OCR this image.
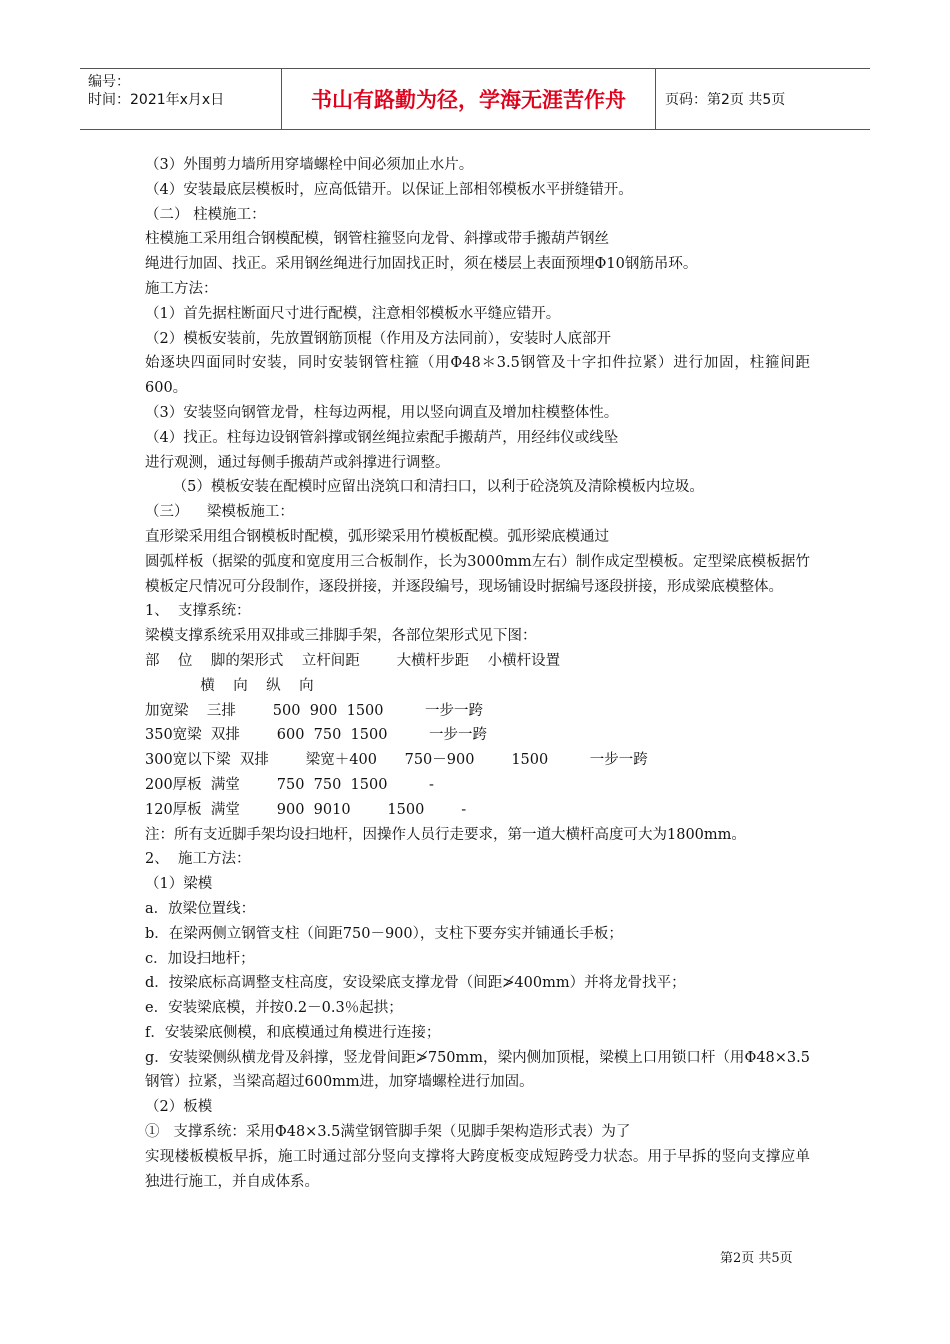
编号：
时间：2021年x月x日	书山有路勤为径，学海无涯苦作舟	页码：第2页 共5页
（3）外围剪力墙所用穿墙螺栓中间必须加止水片。
（4）安装最底层模板时，应高低错开。以保证上部相邻模板水平拼缝错开。
（二） 柱模施工：
柱模施工采用组合钢模配模，钢管柱箍竖向龙骨、斜撑或带手搬葫芦钢丝
绳进行加固、找正。采用钢丝绳进行加固找正时，须在楼层上表面预埋Φ10钢筋吊环。
施工方法：
（1）首先据柱断面尺寸进行配模，注意相邻模板水平缝应错开。
（2）模板安装前，先放置钢筋顶棍（作用及方法同前），安装时人底部开
始逐块四面同时安装，同时安装钢管柱箍（用Φ48＊3.5钢管及十字扣件拉紧）进行加固，柱箍间距600。
（3）安装竖向钢管龙骨，柱每边两棍，用以竖向调直及增加柱模整体性。
（4）找正。柱每边设钢管斜撑或钢丝绳拉索配手搬葫芦，用经纬仪或线坠
进行观测，通过每侧手搬葫芦或斜撑进行调整。
（5）模板安装在配模时应留出浇筑口和清扫口，以利于砼浇筑及清除模板内垃圾。
（三）    梁模板施工：
直形梁采用组合钢模板时配模，弧形梁采用竹模板配模。弧形梁底模通过
圆弧样板（据梁的弧度和宽度用三合板制作，长为3000mm左右）制作成定型模板。定型梁底模板据竹模板定尺情况可分段制作，逐段拼接，并逐段编号，现场铺设时据编号逐段拼接，形成梁底模整体。
1、  支撑系统：
梁模支撑系统采用双排或三排脚手架，各部位架形式见下图：
部    位    脚的架形式    立杆间距        大横杆步距    小横杆设置
横    向    纵    向
加宽梁    三排        500  900  1500         一步一跨
350宽梁  双排        600  750  1500         一步一跨
300宽以下梁  双排        梁宽＋400      750－900        1500         一步一跨
200厚板  满堂        750  750  1500         -
120厚板  满堂        900  9010        1500        -
注：所有支近脚手架均设扫地杆，因操作人员行走要求，第一道大横杆高度可大为1800mm。
2、  施工方法：
（1）梁模
a．放梁位置线：
b．在梁两侧立钢管支柱（间距750－900），支柱下要夯实并铺通长手板；
c．加设扫地杆；
d．按梁底标高调整支柱高度，安设梁底支撑龙骨（间距≯400mm）并将龙骨找平；
e．安装梁底模，并按0.2－0.3％起拱；
f．安装梁底侧模，和底模通过角模进行连接；
g．安装梁侧纵横龙骨及斜撑，竖龙骨间距≯750mm，梁内侧加顶棍，梁模上口用锁口杆（用Φ48×3.5钢管）拉紧，当梁高超过600mm进，加穿墙螺栓进行加固。
（2）板模
①   支撑系统：采用Φ48×3.5满堂钢管脚手架（见脚手架构造形式表）为了
实现楼板模板早拆，施工时通过部分竖向支撑将大跨度板变成短跨受力状态。用于早拆的竖向支撑应单独进行施工，并自成体系。
第2页 共5页
